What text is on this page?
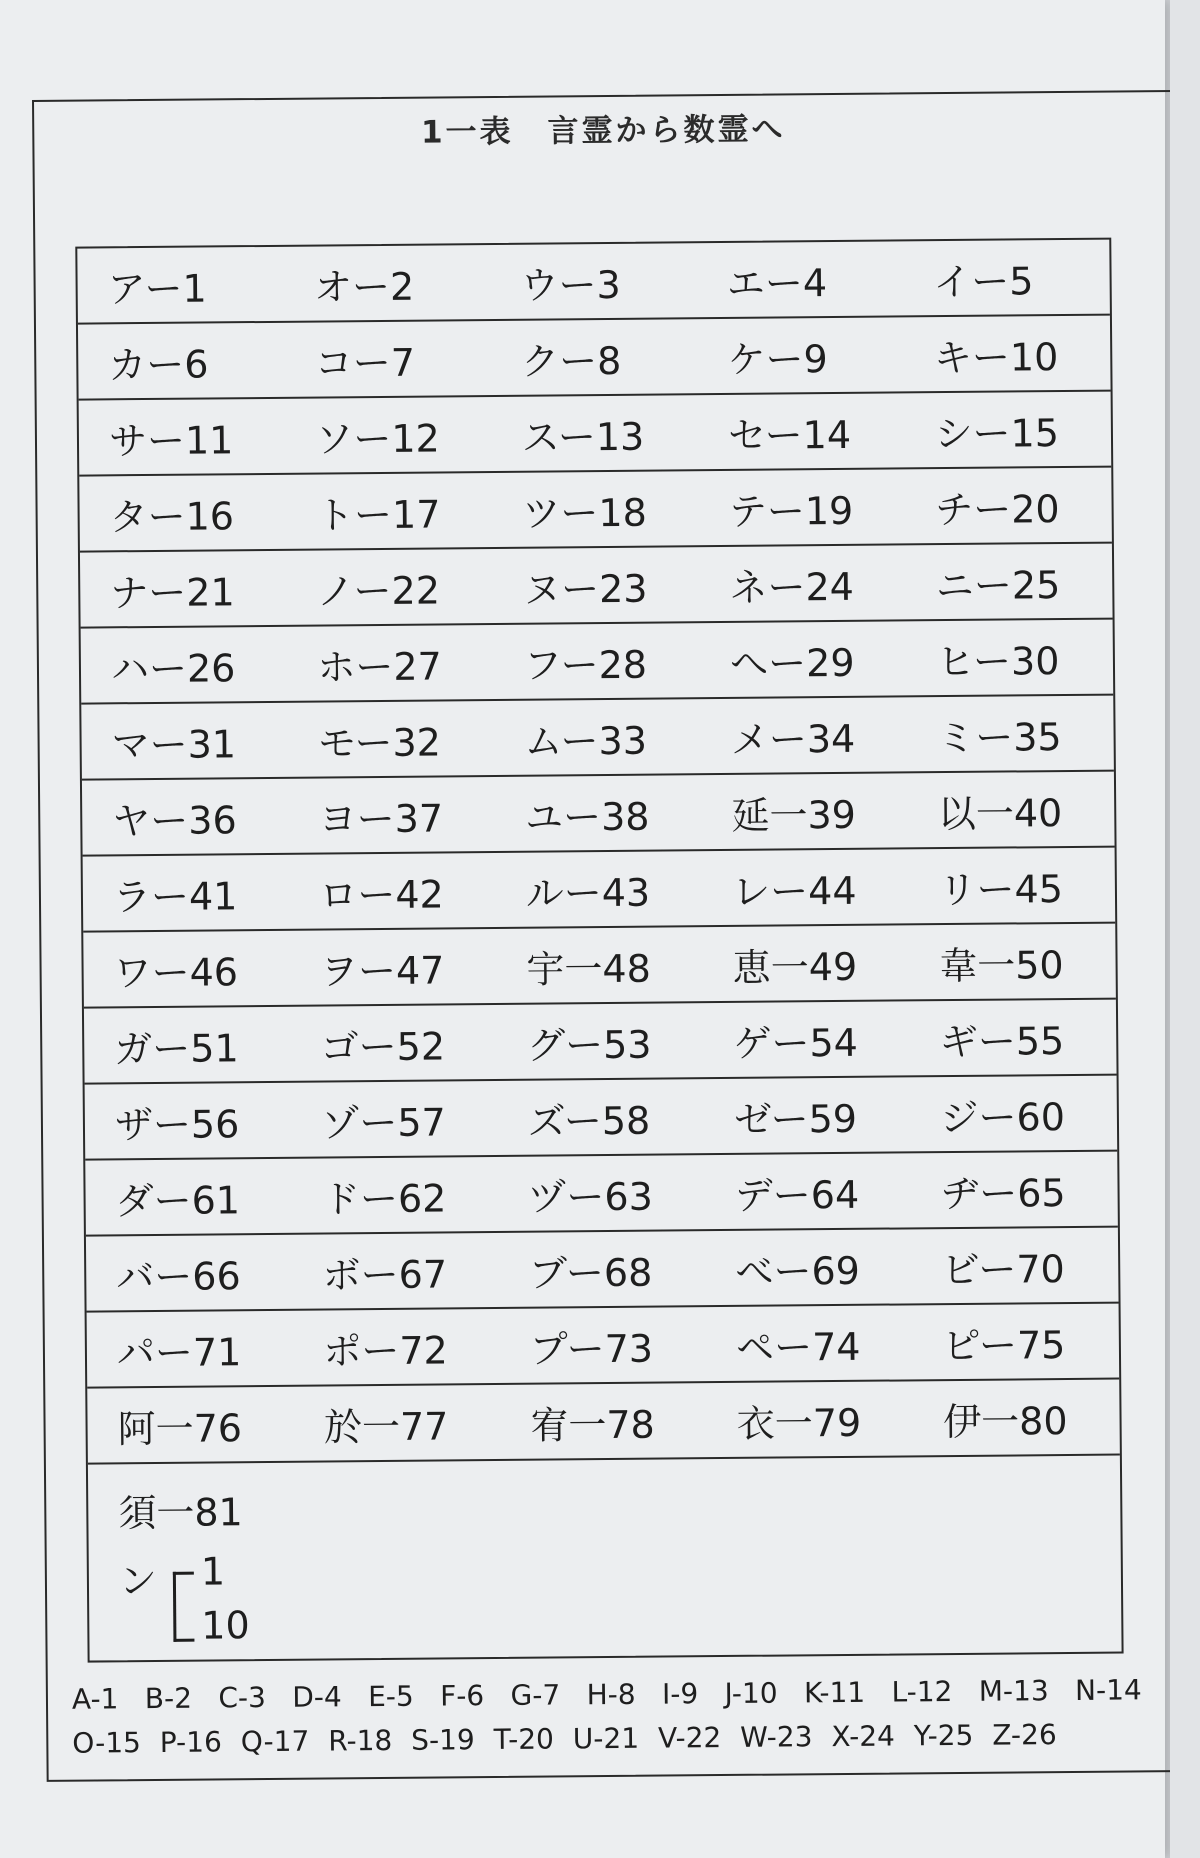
1一表　言霊から数霊へ
アー1	オー2	ウー3	エー4	イー5
カー6	コー7	クー8	ケー9	キー10
サー11	ソー12	スー13	セー14	シー15
ター16	トー17	ツー18	テー19	チー20
ナー21	ノー22	ヌー23	ネー24	ニー25
ハー26	ホー27	フー28	へー29	ヒー30
マー31	モー32	ムー33	メー34	ミー35
ヤー36	ヨー37	ユー38	延一39	以一40
ラー41	ロー42	ルー43	レー44	リー45
ワー46	ヲー47	宇一48	恵一49	韋一50
ガー51	ゴー52	グー53	ゲー54	ギー55
ザー56	ゾー57	ズー58	ゼー59	ジー60
ダー61	ドー62	ヅー63	デー64	ヂー65
バー66	ボー67	ブー68	べー69	ビー70
パー71	ポー72	プー73	ペー74	ピー75
阿一76	於一77	宥一78	衣一79	伊一80
須一81
ン 1
10
A-1 B-2 C-3 D-4 E-5 F-6 G-7 H-8 I-9 J-10 K-11 L-12 M-13 N-14
O-15 P-16 Q-17 R-18 S-19 T-20 U-21 V-22 W-23 X-24 Y-25 Z-26
